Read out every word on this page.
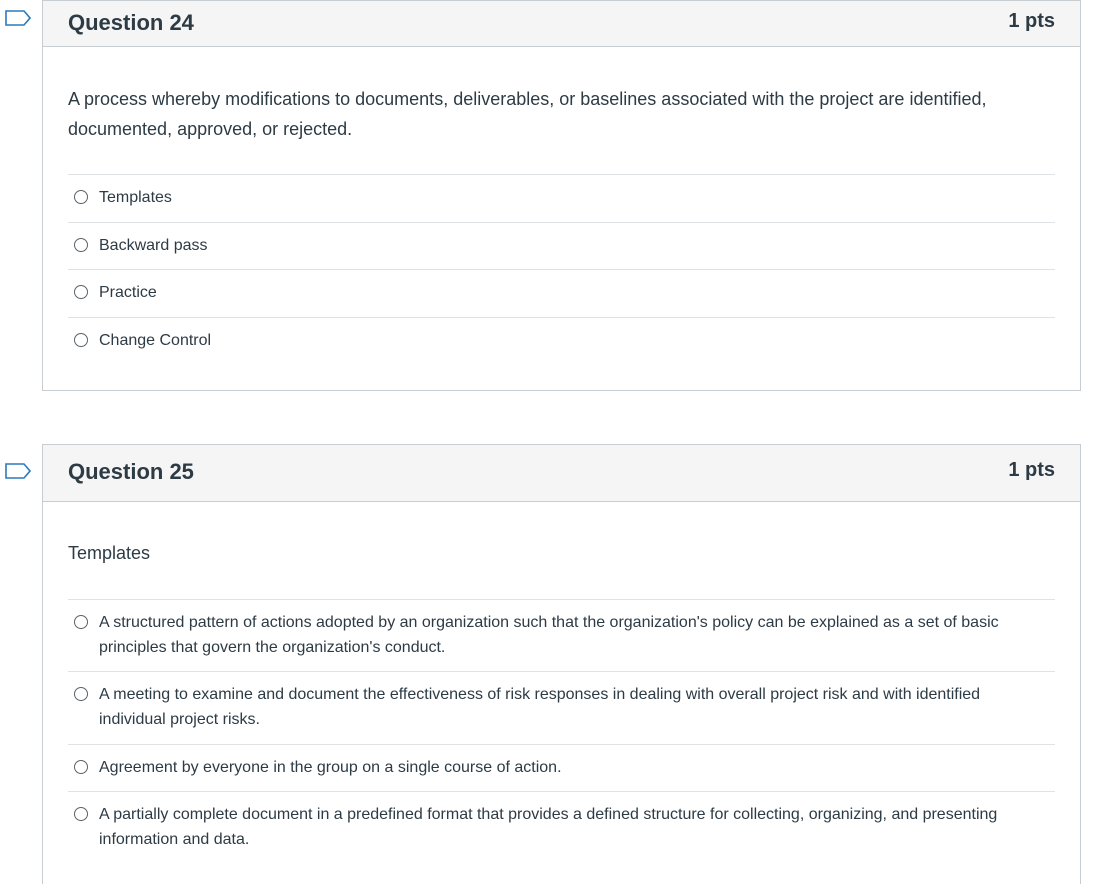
Question 24	1 pts
A process whereby modifications to documents, deliverables, or baselines associated with the project are identified, documented, approved, or rejected.
Templates
Backward pass
Practice
Change Control
Question 25	1 pts
Templates
A structured pattern of actions adopted by an organization such that the organization's policy can be explained as a set of basic principles that govern the organization's conduct.
A meeting to examine and document the effectiveness of risk responses in dealing with overall project risk and with identified individual project risks.
Agreement by everyone in the group on a single course of action.
A partially complete document in a predefined format that provides a defined structure for collecting, organizing, and presenting information and data.
